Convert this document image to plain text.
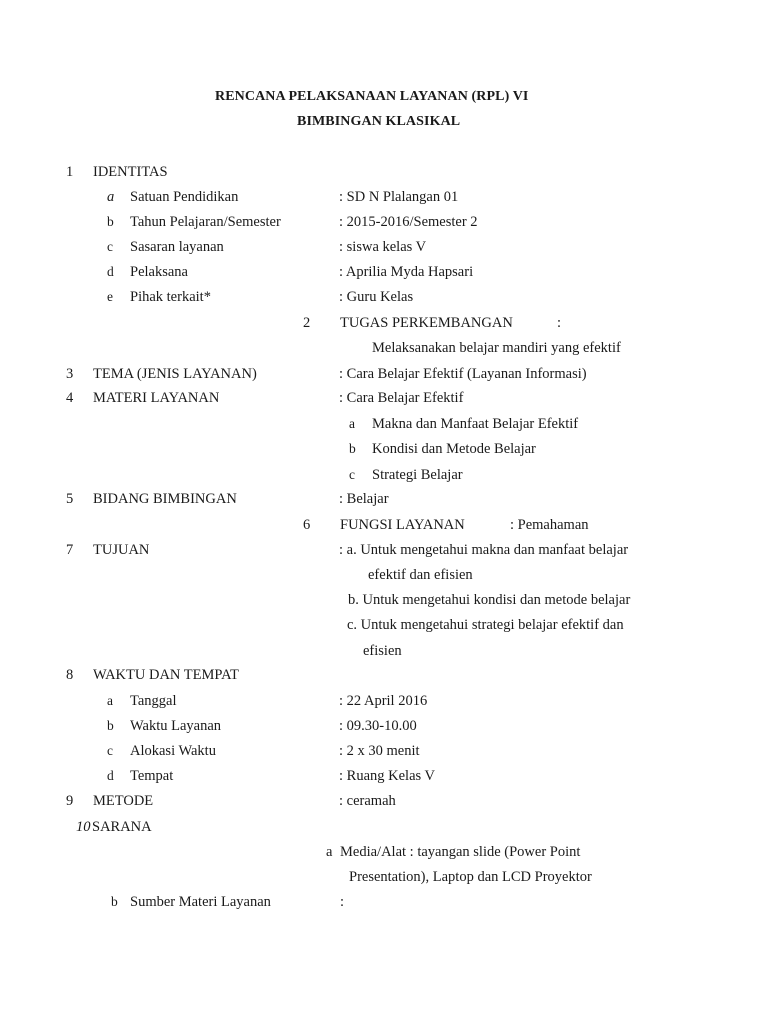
RENCANA PELAKSANAAN LAYANAN (RPL) VI
BIMBINGAN KLASIKAL
1 IDENTITAS
a Satuan Pendidikan	: SD N Plalangan 01
b Tahun Pelajaran/Semester	: 2015-2016/Semester 2
c Sasaran layanan	: siswa kelas V
d Pelaksana	: Aprilia Myda Hapsari
e Pihak terkait*	: Guru Kelas
2 TUGAS PERKEMBANGAN	:
Melaksanakan belajar mandiri yang efektif
3 TEMA (JENIS LAYANAN)	: Cara Belajar Efektif (Layanan Informasi)
4 MATERI LAYANAN	: Cara Belajar Efektif
a Makna dan Manfaat Belajar Efektif
b Kondisi dan Metode Belajar
c Strategi Belajar
5 BIDANG BIMBINGAN	: Belajar
6 FUNGSI LAYANAN	: Pemahaman
7 TUJUAN	: a. Untuk mengetahui makna dan manfaat belajar
efektif dan efisien
b. Untuk mengetahui kondisi dan metode belajar
c. Untuk mengetahui strategi belajar efektif dan
efisien
8 WAKTU DAN TEMPAT
a Tanggal	: 22 April 2016
b Waktu Layanan	: 09.30-10.00
c Alokasi Waktu	: 2 x 30 menit
d Tempat	: Ruang Kelas V
9 METODE	: ceramah
10 SARANA
a Media/Alat : tayangan slide (Power Point
Presentation), Laptop dan LCD Proyektor
b Sumber Materi Layanan	:
